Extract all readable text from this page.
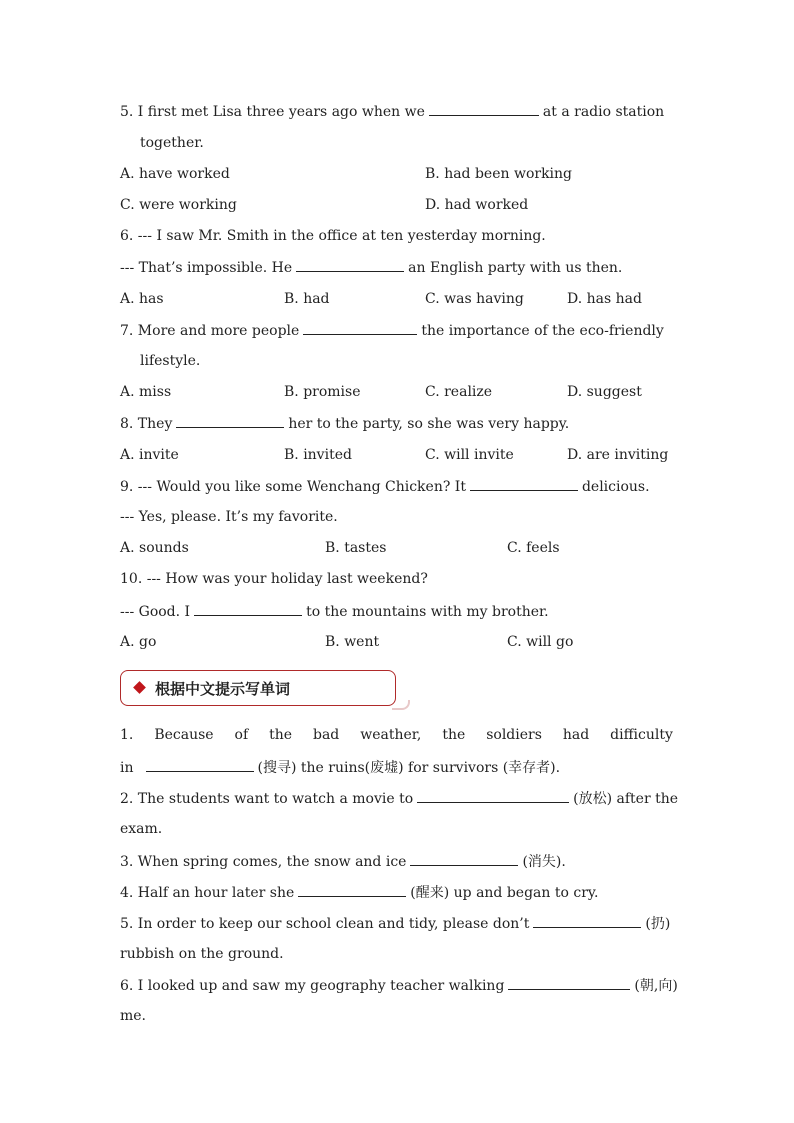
5. I first met Lisa three years ago when we	at a radio station
together.
A. have worked	B. had been working
C. were working	D. had worked
6. --- I saw Mr. Smith in the office at ten yesterday morning.
--- That’s impossible. He	an English party with us then.
A. has	B. had	C. was having	D. has had
7. More and more people	the importance of the eco-friendly
lifestyle.
A. miss	B. promise	C. realize	D. suggest
8. They	her to the party, so she was very happy.
A. invite	B. invited	C. will invite	D. are inviting
9. --- Would you like some Wenchang Chicken? It	delicious.
--- Yes, please. It’s my favorite.
A. sounds	B. tastes	C. feels
10. --- How was your holiday last weekend?
--- Good. I	to the mountains with my brother.
A. go	B. went	C. will go
根据中文提示写单词
1. Because of the bad weather, the soldiers had difficulty
in	(搜寻) the ruins(废墟) for survivors (幸存者).
2. The students want to watch a movie to	(放松) after the
exam.
3. When spring comes, the snow and ice	(消失).
4. Half an hour later she	(醒来) up and began to cry.
5. In order to keep our school clean and tidy, please don’t	(扔)
rubbish on the ground.
6. I looked up and saw my geography teacher walking	(朝,向)
me.
